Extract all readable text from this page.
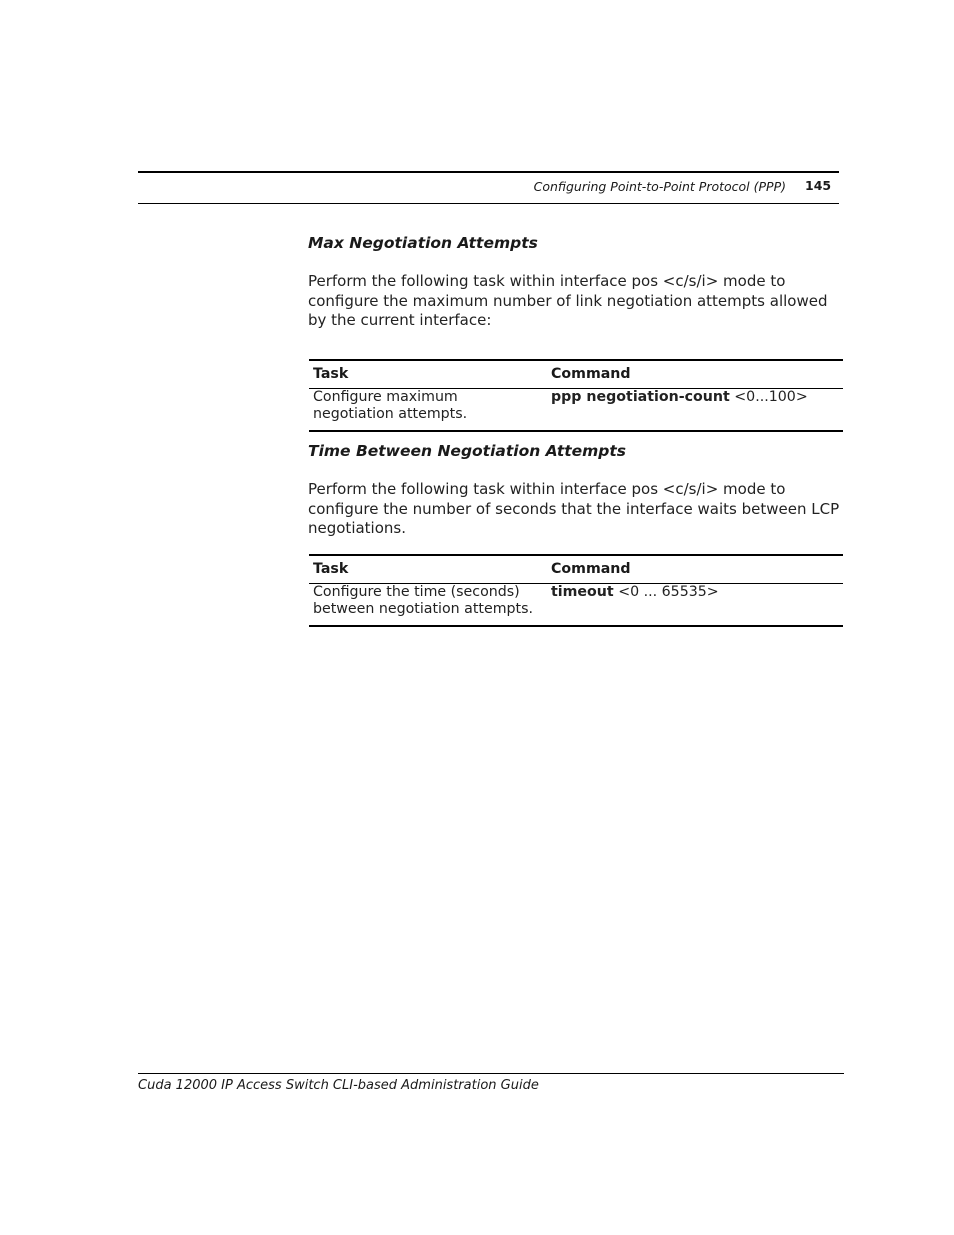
Configuring Point-to-Point Protocol (PPP) 145
Max Negotiation Attempts
Perform the following task within interface pos <c/s/i> mode to configure the maximum number of link negotiation attempts allowed by the current interface:
Task	Command
Configure maximum negotiation attempts.	ppp negotiation-count <0...100>
Time Between Negotiation Attempts
Perform the following task within interface pos <c/s/i> mode to configure the number of seconds that the interface waits between LCP negotiations.
Task	Command
Configure the time (seconds) between negotiation attempts.	timeout <0 ... 65535>
Cuda 12000 IP Access Switch CLI-based Administration Guide
